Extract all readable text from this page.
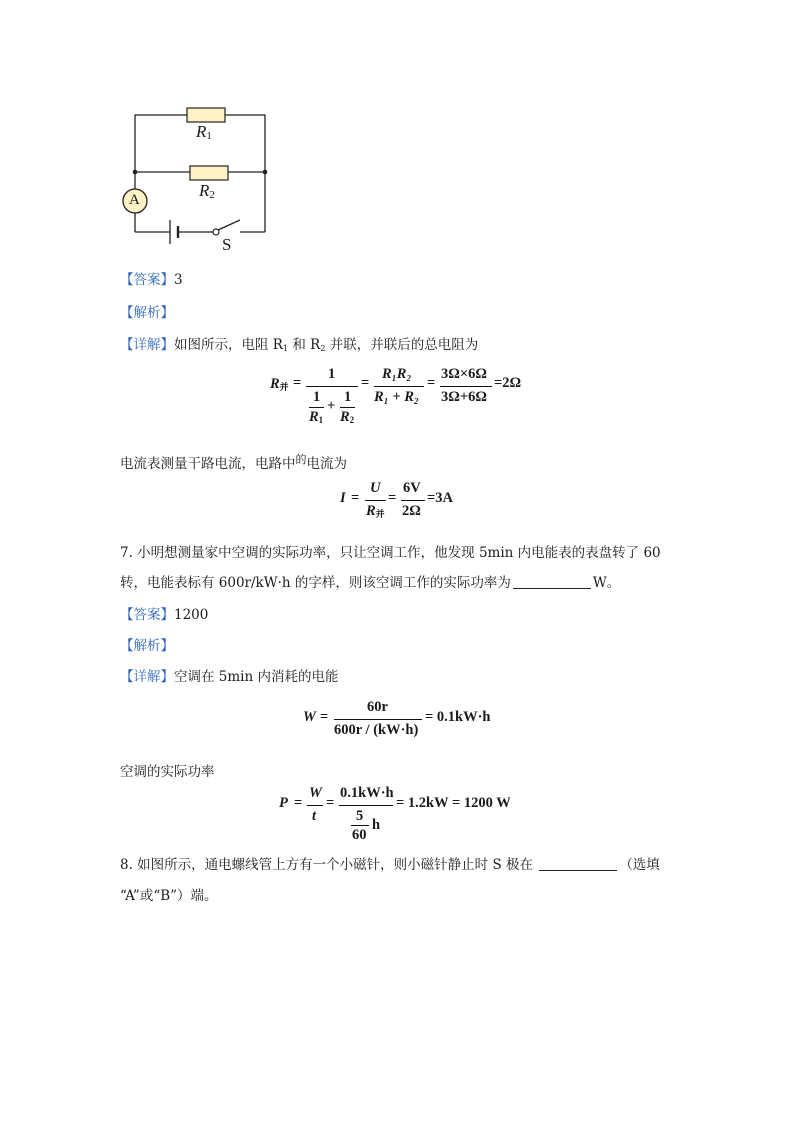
R1
R2
A
S
【答案】3
【解析】
【详解】如图所示，电阻 $R_1$ 和 $R_2$ 并联，并联后的总电阻为
$R_并$ =
1
1
$R_1$
+
1
$R_2$
=
R₁R₂
R₁ + R₂
=
3Ω×6Ω
3Ω+6Ω
=2Ω
电流表测量干路电流，电路中$^的$电流为
I =
U
$R_并$
=
6V
2Ω
=3A
7. 小明想测量家中空调的实际功率，只让空调工作，他发现 5min 内电能表的表盘转了 60
转，电能表标有 600r/kW·h 的字样，则该空调工作的实际功率为	W。
【答案】1200
【解析】
【详解】空调在 5min 内消耗的电能
W =
60r
600r / (kW·h)
= 0.1kW·h
空调的实际功率
P =
W
t
=
0.1kW·h
5
60
h
= 1.2kW = 1200 W
8. 如图所示，通电螺线管上方有一个小磁针，则小磁针静止时 S 极在	（选填
“A”或“B”）端。
